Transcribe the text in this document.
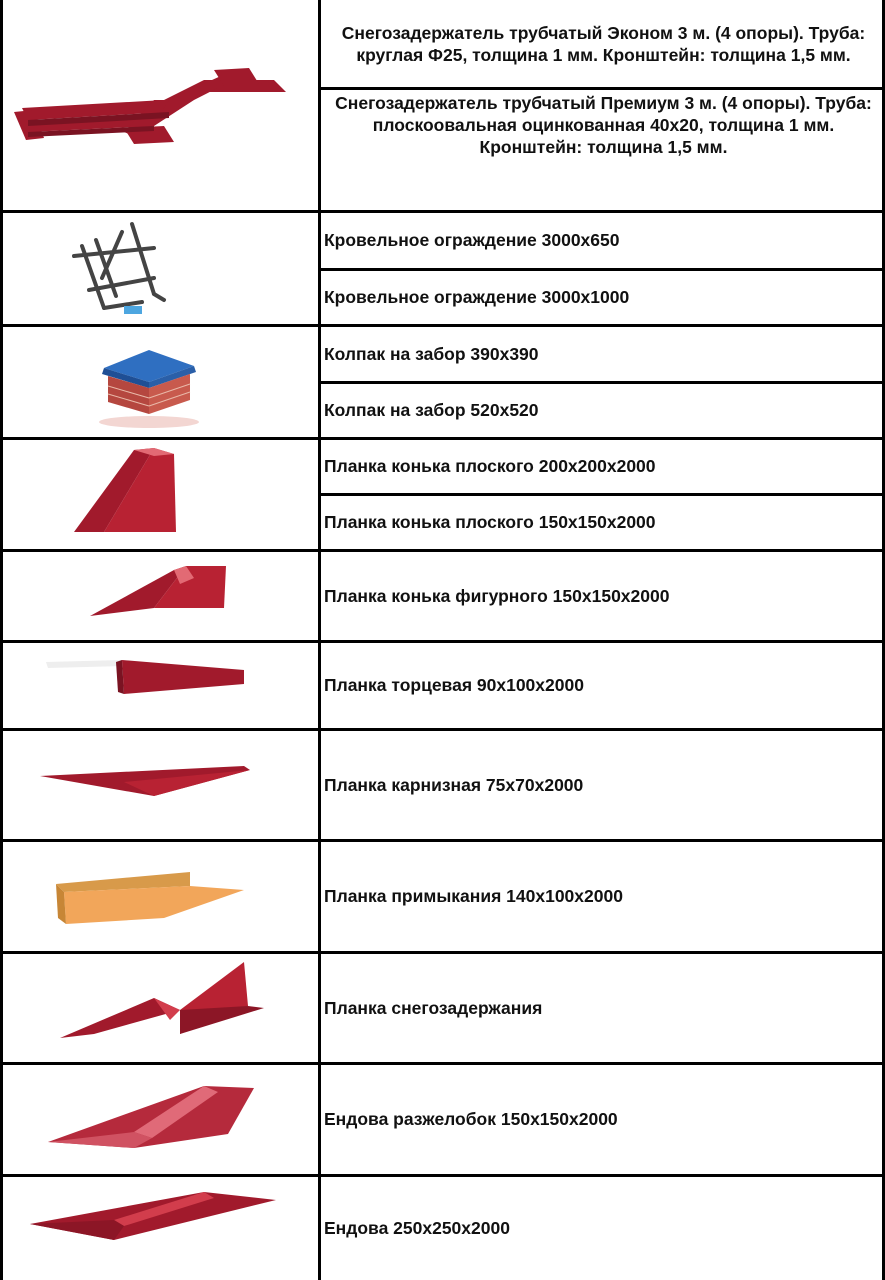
Снегозадержатель трубчатый Эконом 3 м. (4 опоры). Труба: круглая Ф25, толщина 1 мм. Кронштейн: толщина 1,5 мм.
Снегозадержатель трубчатый Премиум 3 м. (4 опоры). Труба: плоскоовальная оцинкованная 40х20, толщина 1 мм. Кронштейн: толщина 1,5 мм.
Кровельное ограждение 3000х650
Кровельное ограждение 3000х1000
Колпак на забор 390х390
Колпак на забор 520х520
Планка конька плоского 200х200х2000
Планка конька плоского 150х150х2000
Планка конька фигурного 150х150х2000
Планка торцевая 90х100х2000
Планка карнизная 75х70х2000
Планка примыкания 140х100х2000
Планка снегозадержания
Ендова разжелобок 150х150х2000
Ендова 250х250х2000
